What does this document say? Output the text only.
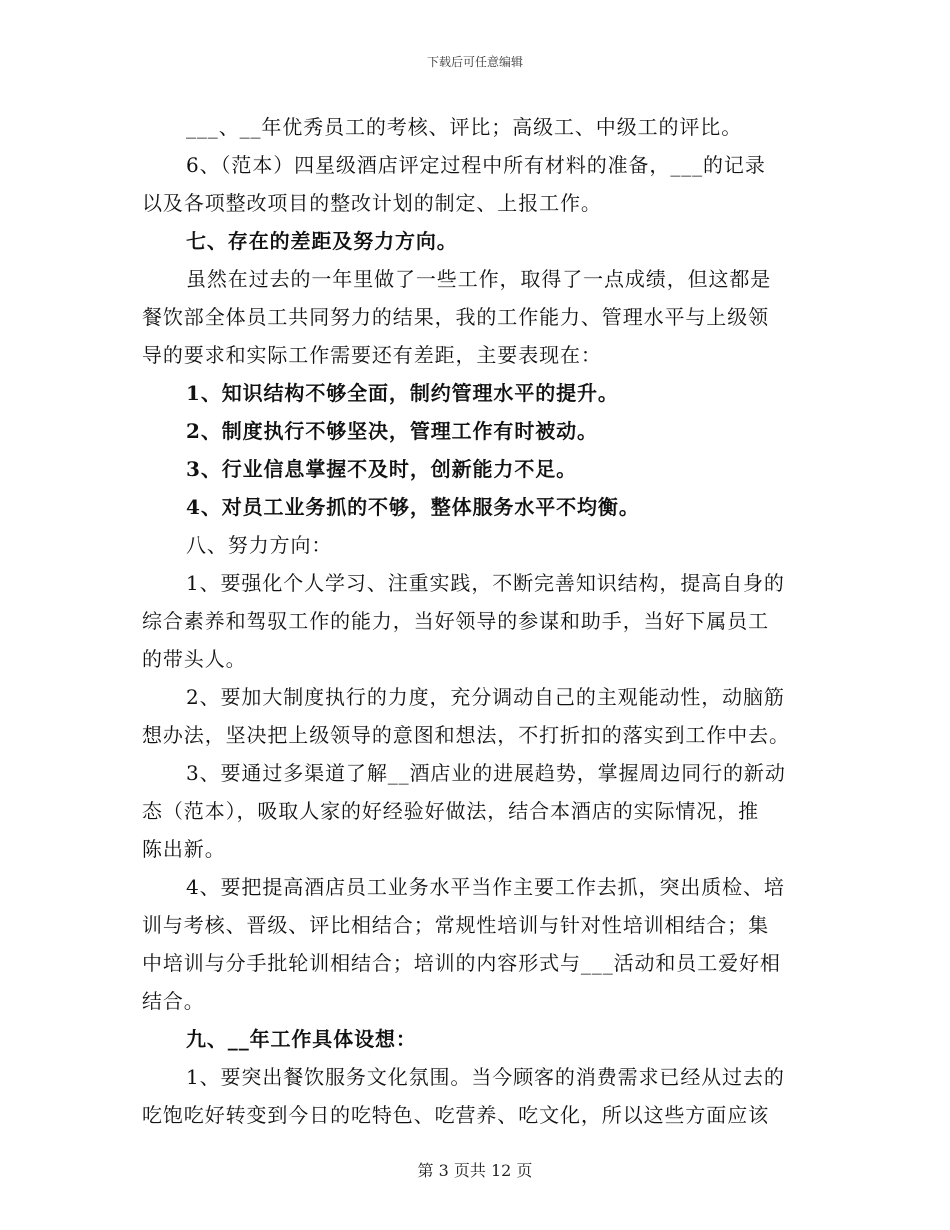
下载后可任意编辑
___、__年优秀员工的考核、评比；高级工、中级工的评比。
6、（范本）四星级酒店评定过程中所有材料的准备，___的记录
以及各项整改项目的整改计划的制定、上报工作。
七、存在的差距及努力方向。
虽然在过去的一年里做了一些工作，取得了一点成绩，但这都是
餐饮部全体员工共同努力的结果，我的工作能力、管理水平与上级领
导的要求和实际工作需要还有差距，主要表现在：
1、知识结构不够全面，制约管理水平的提升。
2、制度执行不够坚决，管理工作有时被动。
3、行业信息掌握不及时，创新能力不足。
4、对员工业务抓的不够，整体服务水平不均衡。
八、努力方向：
1、要强化个人学习、注重实践，不断完善知识结构，提高自身的
综合素养和驾驭工作的能力，当好领导的参谋和助手，当好下属员工
的带头人。
2、要加大制度执行的力度，充分调动自己的主观能动性，动脑筋
想办法，坚决把上级领导的意图和想法，不打折扣的落实到工作中去。
3、要通过多渠道了解__酒店业的进展趋势，掌握周边同行的新动
态（范本），吸取人家的好经验好做法，结合本酒店的实际情况，推
陈出新。
4、要把提高酒店员工业务水平当作主要工作去抓，突出质检、培
训与考核、晋级、评比相结合；常规性培训与针对性培训相结合；集
中培训与分手批轮训相结合；培训的内容形式与___活动和员工爱好相
结合。
九、__年工作具体设想：
1、要突出餐饮服务文化氛围。当今顾客的消费需求已经从过去的
吃饱吃好转变到今日的吃特色、吃营养、吃文化，所以这些方面应该
第 3 页共 12 页
